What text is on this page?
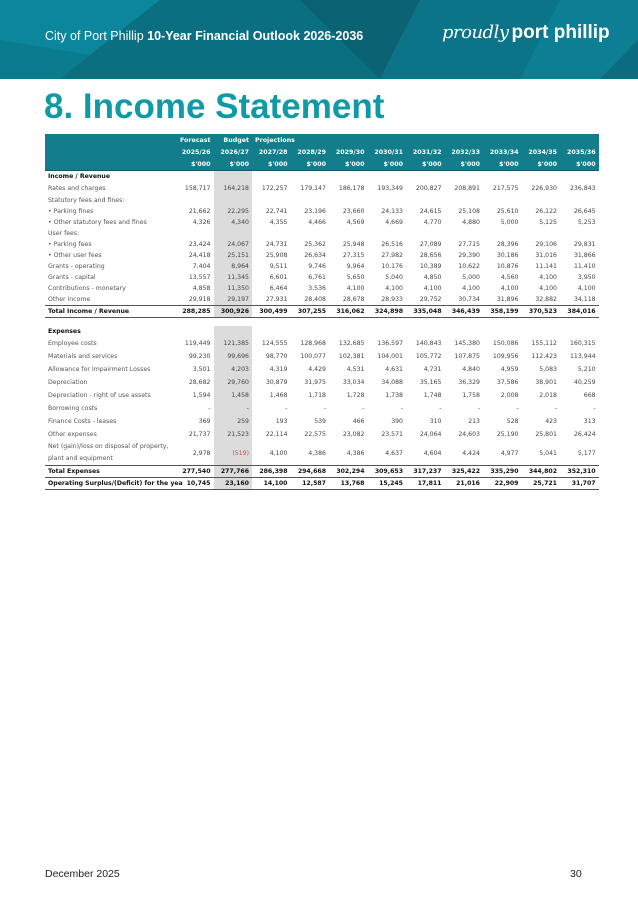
City of Port Phillip 10-Year Financial Outlook 2026-2036	proudly port phillip
8. Income Statement
	Forecast	Budget	Projections								
	2025/26	2026/27	2027/28	2028/29	2029/30	2030/31	2031/32	2032/33	2033/34	2034/35	2035/36
	$'000	$'000	$'000	$'000	$'000	$'000	$'000	$'000	$'000	$'000	$'000
Income / Revenue											
Rates and charges	158,717	164,218	172,257	179,147	186,178	193,349	200,827	208,891	217,575	226,930	236,843
Statutory fees and fines:											
• Parking fines	21,662	22,295	22,741	23,196	23,660	24,133	24,615	25,108	25,610	26,122	26,645
• Other statutory fees and fines	4,326	4,340	4,355	4,466	4,569	4,669	4,770	4,880	5,000	5,125	5,253
User fees:											
• Parking fees	23,424	24,067	24,731	25,362	25,948	26,516	27,089	27,715	28,396	29,106	29,831
• Other user fees	24,418	25,151	25,908	26,634	27,315	27,982	28,656	29,390	30,186	31,016	31,866
Grants - operating	7,404	8,964	9,511	9,746	9,964	10,176	10,389	10,622	10,876	11,141	11,410
Grants - capital	13,557	11,345	6,601	6,761	5,650	5,040	4,850	5,000	4,560	4,100	3,950
Contributions - monetary	4,858	11,350	6,464	3,536	4,100	4,100	4,100	4,100	4,100	4,100	4,100
Other income	29,918	29,197	27,931	28,408	28,678	28,933	29,752	30,734	31,896	32,882	34,118
Total Income / Revenue	288,285	300,926	300,499	307,255	316,062	324,898	335,048	346,439	358,199	370,523	384,016

Expenses											
Employee costs	119,449	121,385	124,555	128,968	132,685	136,597	140,843	145,380	150,086	155,112	160,315
Materials and services	99,230	99,696	98,770	100,077	102,381	104,001	105,772	107,875	109,956	112,423	113,944
Allowance for Impairment Losses	3,501	4,203	4,319	4,429	4,531	4,631	4,731	4,840	4,959	5,083	5,210
Depreciation	28,682	29,760	30,879	31,975	33,034	34,088	35,165	36,329	37,586	38,901	40,259
Depreciation - right of use assets	1,594	1,458	1,468	1,718	1,728	1,738	1,748	1,758	2,008	2,018	668
Borrowing costs	-	-	-	-	-	-	-	-	-	-	-
Finance Costs - leases	369	259	193	539	466	390	310	213	528	423	313
Other expenses	21,737	21,523	22,114	22,575	23,082	23,571	24,064	24,603	25,190	25,801	26,424
Net (gain)/loss on disposal of property, plant and equipment	2,978	(519)	4,100	4,386	4,386	4,637	4,604	4,424	4,977	5,041	5,177
Total Expenses	277,540	277,766	286,398	294,668	302,294	309,653	317,237	325,422	335,290	344,802	352,310
Operating Surplus/(Deficit) for the yea	10,745	23,160	14,100	12,587	13,768	15,245	17,811	21,016	22,909	25,721	31,707
December 2025	30
